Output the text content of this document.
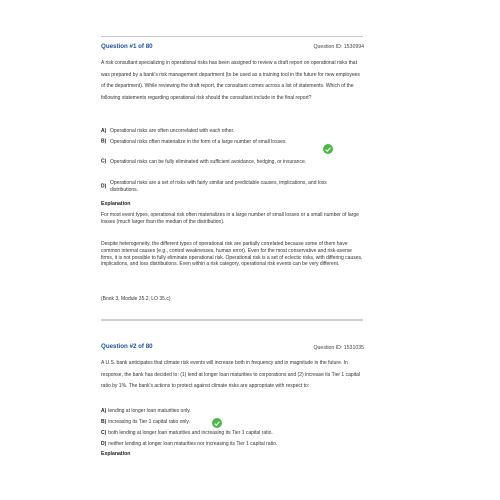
Question #1 of 80	Question ID: 1530994

A risk consultant specializing in operational risks has been assigned to review a draft report on operational risks that was prepared by a bank's risk management department (to be used as a training tool in the future for new employees of the department). While reviewing the draft report, the consultant comes across a list of statements. Which of the following statements regarding operational risk should the consultant include in the final report?

A) Operational risks are often uncorrelated with each other.
B) Operational risks often materialize in the form of a large number of small losses.
C) Operational risks can be fully eliminated with sufficient avoidance, hedging, or insurance.
D)
Operational risks are a set of risks with fairly similar and predictable causes, implications, and loss distributions.
Explanation

For most event types, operational risk often materializes in a large number of small losses or a small number of large losses (much larger than the median of the distribution).

Despite heterogeneity, the different types of operational risk are partially correlated because some of them have common internal causes (e.g., control weaknesses, human error). Even for the most conservative and risk-averse firms, it is not possible to fully eliminate operational risk. Operational risk is a set of eclectic risks, with differing causes, implications, and loss distributions. Even within a risk category, operational risk events can be very different.

(Book 3, Module 35.2, LO 35.c)

Question #2 of 80	Question ID: 1531035

A U.S. bank anticipates that climate risk events will increase both in frequency and in magnitude in the future. In response, the bank has decided to: (1) lend at longer loan maturities to corporations and (2) increase its Tier 1 capital ratio by 1%. The bank's actions to protect against climate risks are appropriate with respect to:

A) lending at longer loan maturities only.
B) increasing its Tier 1 capital ratio only.
C) both lending at longer loan maturities and increasing its Tier 1 capital ratio.
D) neither lending at longer loan maturities nor increasing its Tier 1 capital ratio.
Explanation
